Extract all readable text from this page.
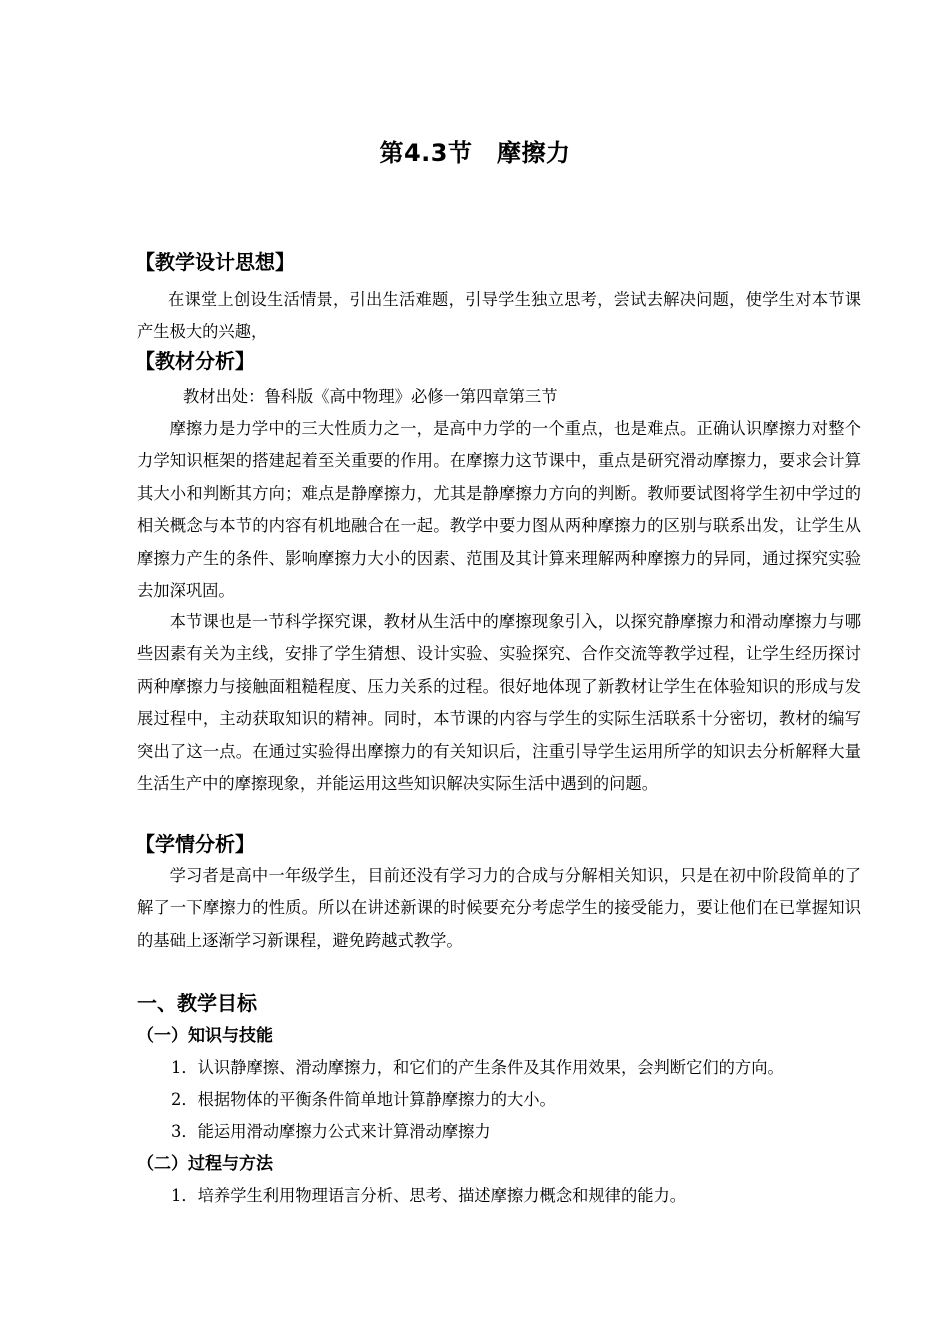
第4.3节　摩擦力
【教学设计思想】
在课堂上创设生活情景，引出生活难题，引导学生独立思考，尝试去解决问题，使学生对本节课产生极大的兴趣，
【教材分析】
教材出处：鲁科版《高中物理》必修一第四章第三节
摩擦力是力学中的三大性质力之一，是高中力学的一个重点，也是难点。正确认识摩擦力对整个力学知识框架的搭建起着至关重要的作用。在摩擦力这节课中，重点是研究滑动摩擦力，要求会计算其大小和判断其方向；难点是静摩擦力，尤其是静摩擦力方向的判断。教师要试图将学生初中学过的相关概念与本节的内容有机地融合在一起。教学中要力图从两种摩擦力的区别与联系出发，让学生从摩擦力产生的条件、影响摩擦力大小的因素、范围及其计算来理解两种摩擦力的异同，通过探究实验去加深巩固。
本节课也是一节科学探究课，教材从生活中的摩擦现象引入，以探究静摩擦力和滑动摩擦力与哪些因素有关为主线，安排了学生猜想、设计实验、实验探究、合作交流等教学过程，让学生经历探讨两种摩擦力与接触面粗糙程度、压力关系的过程。很好地体现了新教材让学生在体验知识的形成与发展过程中，主动获取知识的精神。同时，本节课的内容与学生的实际生活联系十分密切，教材的编写突出了这一点。在通过实验得出摩擦力的有关知识后，注重引导学生运用所学的知识去分析解释大量生活生产中的摩擦现象，并能运用这些知识解决实际生活中遇到的问题。
【学情分析】
学习者是高中一年级学生，目前还没有学习力的合成与分解相关知识，只是在初中阶段简单的了解了一下摩擦力的性质。所以在讲述新课的时候要充分考虑学生的接受能力，要让他们在已掌握知识的基础上逐渐学习新课程，避免跨越式教学。
一、教学目标
（一）知识与技能
1．认识静摩擦、滑动摩擦力，和它们的产生条件及其作用效果，会判断它们的方向。
2．根据物体的平衡条件简单地计算静摩擦力的大小。
3．能运用滑动摩擦力公式来计算滑动摩擦力
（二）过程与方法
1．培养学生利用物理语言分析、思考、描述摩擦力概念和规律的能力。
